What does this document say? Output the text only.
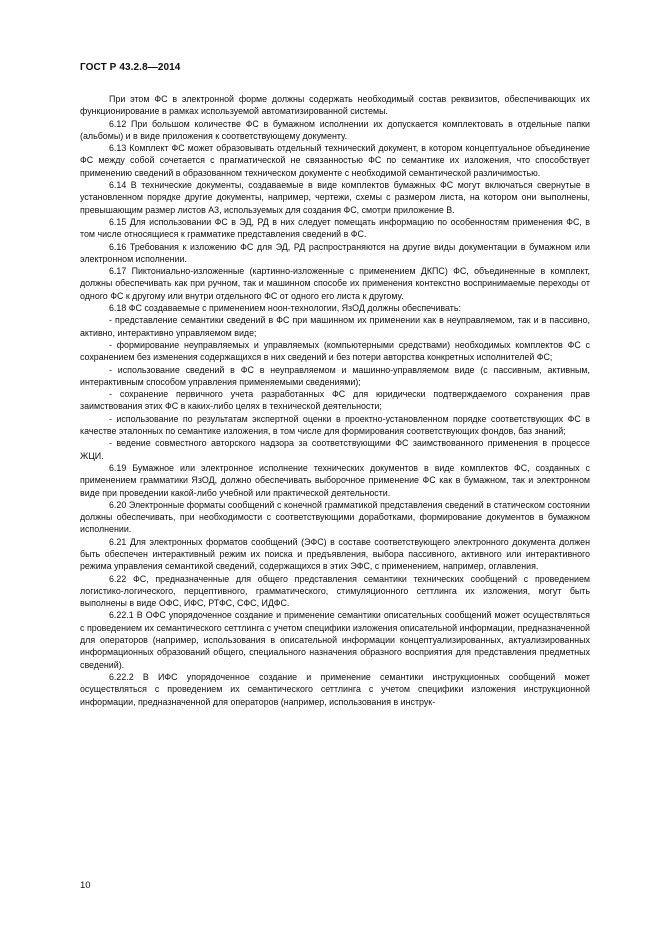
ГОСТ Р 43.2.8—2014

При этом ФС в электронной форме должны содержать необходимый состав реквизитов, обеспечивающих их функционирование в рамках используемой автоматизированной системы.

6.12 При большом количестве ФС в бумажном исполнении их допускается комплектовать в отдельные папки (альбомы) и в виде приложения к соответствующему документу.

6.13 Комплект ФС может образовывать отдельный технический документ, в котором концептуальное объединение ФС между собой сочетается с прагматической не связанностью ФС по семантике их изложения, что способствует применению сведений в образованном техническом документе с необходимой семантической различимостью.

6.14 В технические документы, создаваемые в виде комплектов бумажных ФС могут включаться свернутые в установленном порядке другие документы, например, чертежи, схемы с размером листа, на котором они выполнены, превышающим размер листов А3, используемых для создания ФС, смотри приложение В.

6.15 Для использовании ФС в ЭД, РД в них следует помещать информацию по особенностям применения ФС, в том числе относящиеся к грамматике представления сведений в ФС.

6.16 Требования к изложению ФС для ЭД, РД распространяются на другие виды документации в бумажном или электронном исполнении.

6.17 Пиктониально-изложенные (картинно-изложенные с применением ДКПС) ФС, объединенные в комплект, должны обеспечивать как при ручном, так и машинном способе их применения контекстно воспринимаемые переходы от одного ФС к другому или внутри отдельного ФС от одного его листа к другому.

6.18 ФС создаваемые с применением ноон-технологии, ЯзОД должны обеспечивать:

- представление семантики сведений в ФС при машинном их применении как в неуправляемом, так и в пассивно, активно, интерактивно управляемом виде;

- формирование неуправляемых и управляемых (компьютерными средствами) необходимых комплектов ФС с сохранением без изменения содержащихся в них сведений и без потери авторства конкретных исполнителей ФС;

- использование сведений в ФС в неуправляемом и машинно-управляемом виде (с пассивным, активным, интерактивным способом управления применяемыми сведениями);

- сохранение первичного учета разработанных ФС для юридически подтверждаемого сохранения прав заимствования этих ФС в каких-либо целях в технической деятельности;

- использование по результатам экспертной оценки в проектно-установленном порядке соответствующих ФС в качестве эталонных по семантике изложения, в том числе для формирования соответствующих фондов, баз знаний;

- ведение совместного авторского надзора за соответствующими ФС заимствованного применения в процессе ЖЦИ.

6.19 Бумажное или электронное исполнение технических документов в виде комплектов ФС, созданных с применением грамматики ЯзОД, должно обеспечивать выборочное применение ФС как в бумажном, так и электронном виде при проведении какой-либо учебной или практической деятельности.

6.20 Электронные форматы сообщений с конечной грамматикой представления сведений в статическом состоянии должны обеспечивать, при необходимости с соответствующими доработками, формирование документов в бумажном исполнении.

6.21 Для электронных форматов сообщений (ЭФС) в составе соответствующего электронного документа должен быть обеспечен интерактивный режим их поиска и предъявления, выбора пассивного, активного или интерактивного режима управления семантикой сведений, содержащихся в этих ЭФС, с применением, например, оглавления.

6.22 ФС, предназначенные для общего представления семантики технических сообщений с проведением логистико-логического, перцептивного, грамматического, стимуляционного сеттлинга их изложения, могут быть выполнены в виде ОФС, ИФС, РТФС, СФС, ИДФС.

6.22.1 В ОФС упорядоченное создание и применение семантики описательных сообщений может осуществляться с проведением их семантического сеттлинга с учетом специфики изложения описательной информации, предназначенной для операторов (например, использования в описательной информации концептуализированных, актуализированных информационных образований общего, специального назначения образного восприятия для представления предметных сведений).

6.22.2 В ИФС упорядоченное создание и применение семантики инструкционных сообщений может осуществляться с проведением их семантического сеттлинга с учетом специфики изложения инструкционной информации, предназначенной для операторов (например, использования в инструк-

10
